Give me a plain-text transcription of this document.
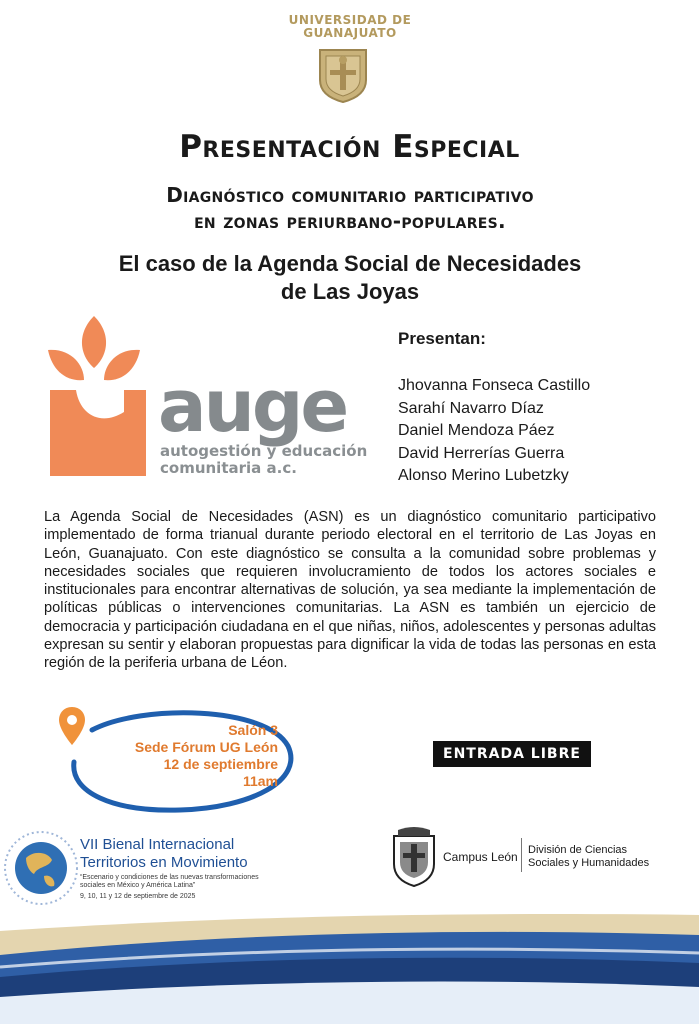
UNIVERSIDAD DE GUANAJUATO
Presentación Especial
Diagnóstico comunitario participativo
en zonas periurbano-populares.
El caso de la Agenda Social de Necesidades
de Las Joyas
auge
autogestión y educación
comunitaria a.c.
Presentan:
Jhovanna Fonseca Castillo
Sarahí Navarro Díaz
Daniel Mendoza Páez
David Herrerías Guerra
Alonso Merino Lubetzky

La Agenda Social de Necesidades (ASN) es un diagnóstico comunitario participativo implementado de forma trianual durante periodo electoral en el territorio de Las Joyas en León, Guanajuato. Con este diagnóstico se consulta a la comunidad sobre problemas y necesidades sociales que requieren involucramiento de todos los actores sociales e institucionales para encontrar alternativas de solución, ya sea mediante la implementación de políticas públicas o intervenciones comunitarias. La ASN es también un ejercicio de democracia y participación ciudadana en el que niñas, niños, adolescentes y personas adultas expresan su sentir y elaboran propuestas para dignificar la vida de todas las personas en esta región de la periferia urbana de Léon.

Salón 3
Sede Fórum UG León
12 de septiembre
11am
ENTRADA LIBRE
VII Bienal Internacional
Territorios en Movimiento
“Escenario y condiciones de las nuevas transformaciones sociales en México y América Latina”
9, 10, 11 y 12 de septiembre de 2025
Campus León División de Ciencias
Sociales y Humanidades
